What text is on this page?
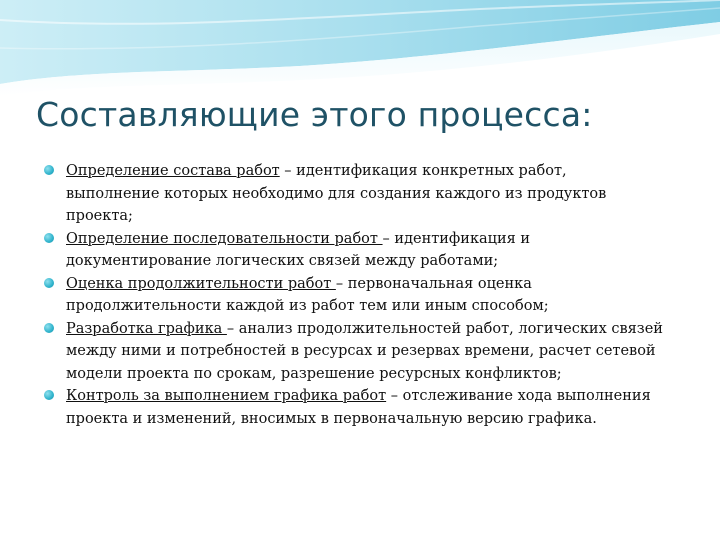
Составляющие этого процесса:
Определение состава работ – идентификация конкретных работ, выполнение которых необходимо для создания каждого из продуктов проекта;
Определение последовательности работ – идентификация и документирование логических связей между работами;
Оценка продолжительности работ – первоначальная оценка продолжительности каждой из работ тем или иным способом;
Разработка графика – анализ продолжительностей работ, логических связей между ними и потребностей в ресурсах и резервах времени, расчет сетевой модели проекта по срокам, разрешение ресурсных конфликтов;
Контроль за выполнением графика работ – отслеживание хода выполнения проекта и изменений, вносимых в первоначальную версию графика.
